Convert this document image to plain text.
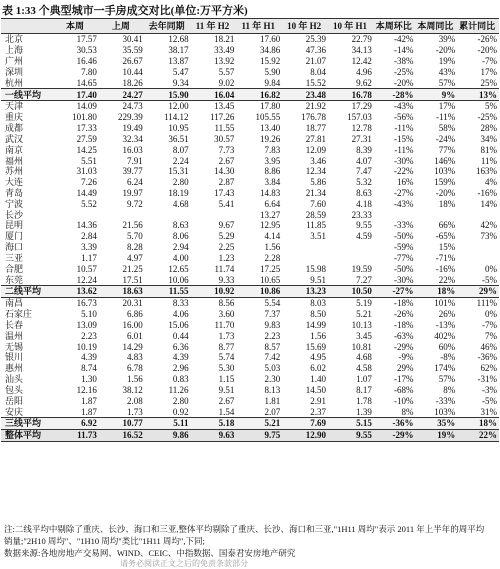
表 1:33 个典型城市一手房成交对比(单位:万平方米)
	本周	上周	去年同期	11 年 H2	11 年 H1	10 年 H2	10 年 H1	本周环比	本周同比	累计同比
北京	17.57	30.41	12.68	18.21	17.60	25.39	22.79	-42%	39%	-26%
上海	30.53	35.59	38.17	33.49	34.86	47.36	34.13	-14%	-20%	-20%
广州	16.46	26.67	13.87	13.92	15.92	21.07	12.42	-38%	19%	-7%
深圳	7.80	10.44	5.47	5.57	5.90	8.04	4.96	-25%	43%	17%
杭州	14.65	18.26	9.34	9.02	9.84	15.52	9.62	-20%	57%	25%
一线平均	17.40	24.27	15.90	16.04	16.82	23.48	16.78	-28%	9%	13%
天津	14.09	24.73	12.00	13.45	17.80	21.92	17.29	-43%	17%	5%
重庆	101.80	229.39	114.12	117.26	105.55	176.78	157.03	-56%	-11%	-25%
成都	17.33	19.49	10.95	11.55	13.40	18.77	12.78	-11%	58%	28%
武汉	27.59	32.34	36.51	30.57	19.26	27.81	27.31	-15%	-24%	34%
南京	14.25	16.03	8.07	7.73	7.83	12.09	8.39	-11%	77%	81%
福州	5.51	7.91	2.24	2.67	3.95	3.46	4.07	-30%	146%	11%
苏州	31.03	39.77	15.31	14.30	8.86	12.34	7.47	-22%	103%	163%
大连	7.26	6.24	2.80	2.87	3.84	5.86	5.32	16%	159%	4%
青岛	14.49	19.97	18.19	17.43	14.83	21.34	8.63	-27%	-20%	-16%
宁波	5.52	9.72	4.68	5.41	6.64	7.60	4.18	-43%	18%	14%
长沙					13.27	28.59	23.33			
昆明	14.36	21.56	8.63	9.67	12.95	11.85	9.55	-33%	66%	42%
厦门	2.84	5.70	8.06	5.29	4.14	3.51	4.59	-50%	-65%	73%
海口	3.39	8.28	2.94	2.25	1.56			-59%	15%	
三亚	1.17	4.97	4.00	1.23	2.28			-77%	-71%	
合肥	10.57	21.25	12.65	11.74	17.25	15.98	19.59	-50%	-16%	0%
东莞	12.24	17.51	10.06	9.33	10.65	9.51	7.27	-30%	22%	-5%
二线平均	13.62	18.63	11.55	10.92	10.86	13.23	10.50	-27%	18%	29%
南昌	16.73	20.31	8.33	8.56	5.54	8.03	5.19	-18%	101%	111%
石家庄	5.10	6.86	4.06	3.60	7.37	8.50	5.21	-26%	26%	0%
长春	13.09	16.00	15.06	11.70	9.83	14.99	10.13	-18%	-13%	-7%
温州	2.23	6.01	0.44	1.73	2.23	1.56	3.45	-63%	402%	7%
无锡	10.19	14.29	6.36	8.77	8.57	15.69	10.81	-29%	60%	46%
银川	4.39	4.83	4.39	5.74	7.42	4.95	4.68	-9%	-8%	-36%
惠州	8.74	6.78	2.96	5.30	5.03	6.02	4.58	29%	174%	62%
汕头	1.30	1.56	0.83	1.15	2.30	1.40	1.07	-17%	57%	-31%
包头	12.16	38.12	11.26	9.51	8.13	14.50	8.17	-68%	8%	-3%
岳阳	1.87	2.08	2.80	2.67	1.81	2.91	1.78	-10%	-33%	-5%
安庆	1.87	1.73	0.92	1.54	2.07	2.37	1.39	8%	103%	31%
三线平均	6.92	10.77	5.11	5.18	5.21	7.69	5.15	-36%	35%	18%
整体平均	11.73	16.52	9.86	9.63	9.75	12.90	9.55	-29%	19%	22%
注:二线平均中剔除了重庆、长沙、海口和三亚,整体平均剔除了重庆、长沙、海口和三亚,"1H11 周均"表示 2011 年上半年的周平均
销量;"2H10 周均"、"1H10 周均"类比"1H11 周均",下同;
数据来源:各地房地产交易网、WIND、CEIC、中指数据、国泰君安房地产研究
请务必阅读正文之后的免责条款部分
